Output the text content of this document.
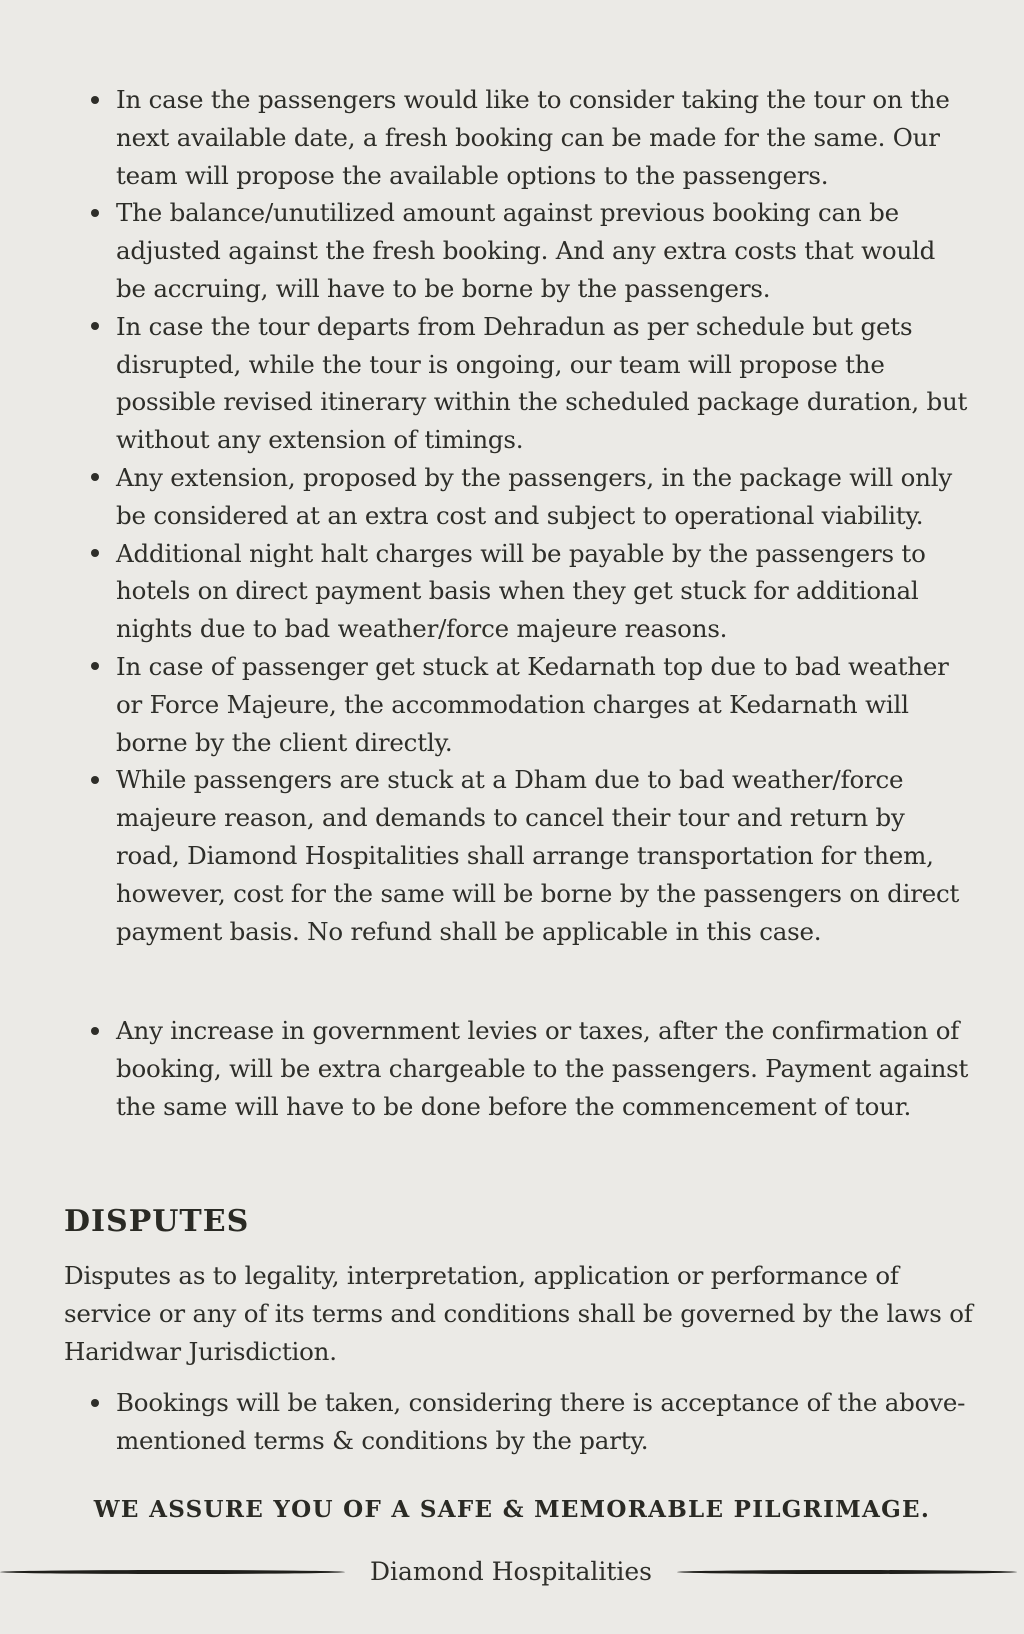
In case the passengers would like to consider taking the tour on the next available date, a fresh booking can be made for the same. Our team will propose the available options to the passengers.
The balance/unutilized amount against previous booking can be adjusted against the fresh booking. And any extra costs that would be accruing, will have to be borne by the passengers.
In case the tour departs from Dehradun as per schedule but gets disrupted, while the tour is ongoing, our team will propose the possible revised itinerary within the scheduled package duration, but without any extension of timings.
Any extension, proposed by the passengers, in the package will only be considered at an extra cost and subject to operational viability.
Additional night halt charges will be payable by the passengers to hotels on direct payment basis when they get stuck for additional nights due to bad weather/force majeure reasons.
In case of passenger get stuck at Kedarnath top due to bad weather or Force Majeure, the accommodation charges at Kedarnath will borne by the client directly.
While passengers are stuck at a Dham due to bad weather/force majeure reason, and demands to cancel their tour and return by road, Diamond Hospitalities shall arrange transportation for them, however, cost for the same will be borne by the passengers on direct payment basis. No refund shall be applicable in this case.
Any increase in government levies or taxes, after the confirmation of booking, will be extra chargeable to the passengers. Payment against the same will have to be done before the commencement of tour.
DISPUTES

Disputes as to legality, interpretation, application or performance of service or any of its terms and conditions shall be governed by the laws of Haridwar Jurisdiction.

Bookings will be taken, considering there is acceptance of the above-mentioned terms & conditions by the party.

WE ASSURE YOU OF A SAFE & MEMORABLE PILGRIMAGE.

Diamond Hospitalities
